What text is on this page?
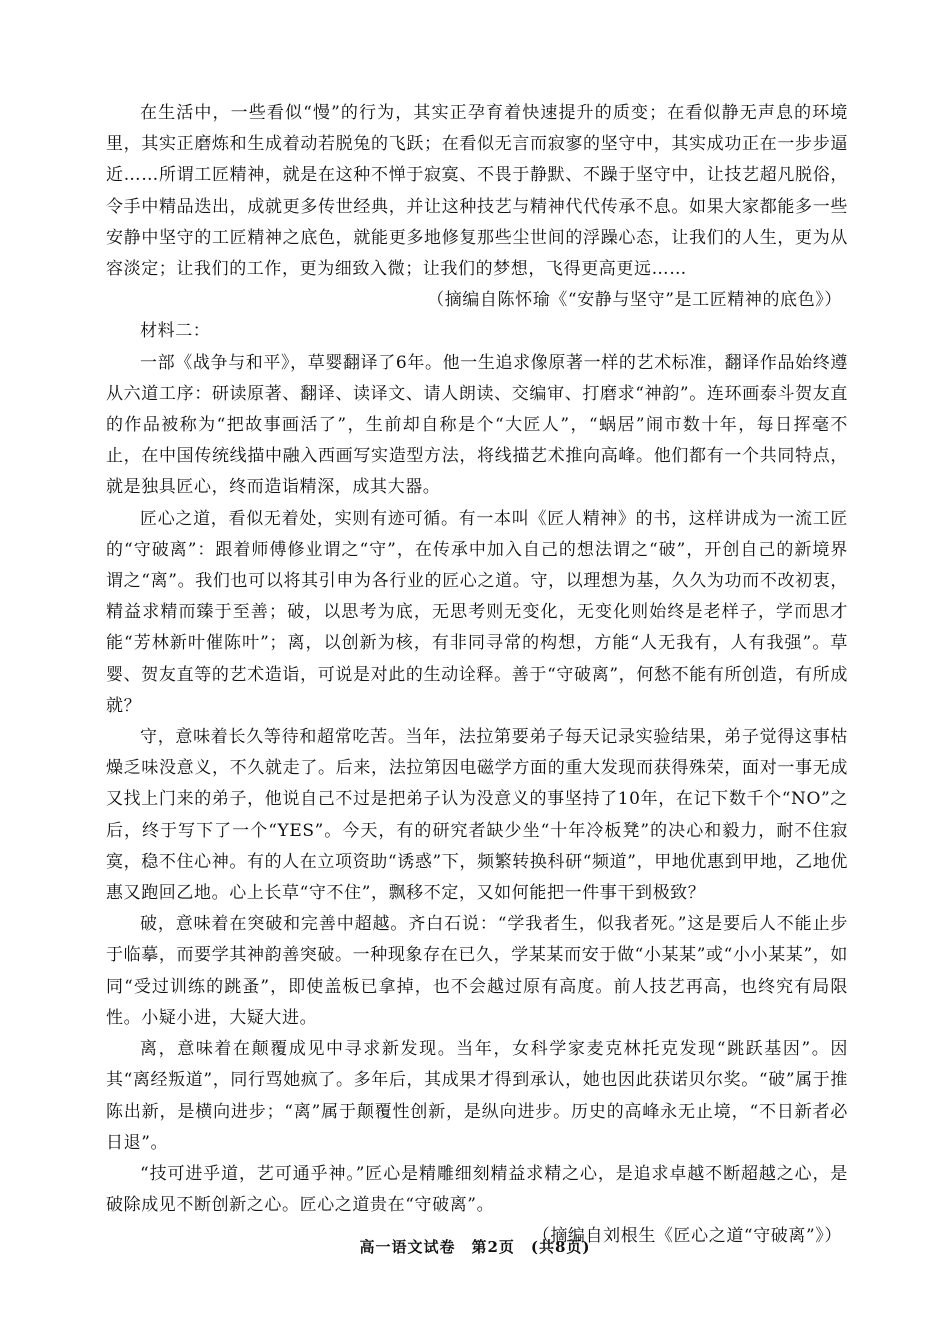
在生活中，一些看似“慢”的行为，其实正孕育着快速提升的质变；在看似静无声息的环境里，其实正磨炼和生成着动若脱兔的飞跃；在看似无言而寂寥的坚守中，其实成功正在一步步逼近……所谓工匠精神，就是在这种不惮于寂寞、不畏于静默、不躁于坚守中，让技艺超凡脱俗，令手中精品迭出，成就更多传世经典，并让这种技艺与精神代代传承不息。如果大家都能多一些安静中坚守的工匠精神之底色，就能更多地修复那些尘世间的浮躁心态，让我们的人生，更为从容淡定；让我们的工作，更为细致入微；让我们的梦想，飞得更高更远……

（摘编自陈怀瑜《“安静与坚守”是工匠精神的底色》）

材料二：

一部《战争与和平》，草婴翻译了6年。他一生追求像原著一样的艺术标准，翻译作品始终遵从六道工序：研读原著、翻译、读译文、请人朗读、交编审、打磨求“神韵”。连环画泰斗贺友直的作品被称为“把故事画活了”，生前却自称是个“大匠人”，“蜗居”闹市数十年，每日挥毫不止，在中国传统线描中融入西画写实造型方法，将线描艺术推向高峰。他们都有一个共同特点，就是独具匠心，终而造诣精深，成其大器。

匠心之道，看似无着处，实则有迹可循。有一本叫《匠人精神》的书，这样讲成为一流工匠的“守破离”：跟着师傅修业谓之“守”，在传承中加入自己的想法谓之“破”，开创自己的新境界谓之“离”。我们也可以将其引申为各行业的匠心之道。守，以理想为基，久久为功而不改初衷，精益求精而臻于至善；破，以思考为底，无思考则无变化，无变化则始终是老样子，学而思才能“芳林新叶催陈叶”；离，以创新为核，有非同寻常的构想，方能“人无我有，人有我强”。草婴、贺友直等的艺术造诣，可说是对此的生动诠释。善于“守破离”，何愁不能有所创造，有所成就？

守，意味着长久等待和超常吃苦。当年，法拉第要弟子每天记录实验结果，弟子觉得这事枯燥乏味没意义，不久就走了。后来，法拉第因电磁学方面的重大发现而获得殊荣，面对一事无成又找上门来的弟子，他说自己不过是把弟子认为没意义的事坚持了10年，在记下数千个“NO”之后，终于写下了一个“YES”。今天，有的研究者缺少坐“十年冷板凳”的决心和毅力，耐不住寂寞，稳不住心神。有的人在立项资助“诱惑”下，频繁转换科研“频道”，甲地优惠到甲地，乙地优惠又跑回乙地。心上长草“守不住”，飘移不定，又如何能把一件事干到极致？

破，意味着在突破和完善中超越。齐白石说：“学我者生，似我者死。”这是要后人不能止步于临摹，而要学其神韵善突破。一种现象存在已久，学某某而安于做“小某某”或“小小某某”，如同“受过训练的跳蚤”，即使盖板已拿掉，也不会越过原有高度。前人技艺再高，也终究有局限性。小疑小进，大疑大进。

离，意味着在颠覆成见中寻求新发现。当年，女科学家麦克林托克发现“跳跃基因”。因其“离经叛道”，同行骂她疯了。多年后，其成果才得到承认，她也因此获诺贝尔奖。“破”属于推陈出新，是横向进步；“离”属于颠覆性创新，是纵向进步。历史的高峰永无止境，“不日新者必日退”。

“技可进乎道，艺可通乎神。”匠心是精雕细刻精益求精之心，是追求卓越不断超越之心，是破除成见不断创新之心。匠心之道贵在“守破离”。

（摘编自刘根生《匠心之道“守破离”》）

高一语文试卷　第2页　(共8页)
